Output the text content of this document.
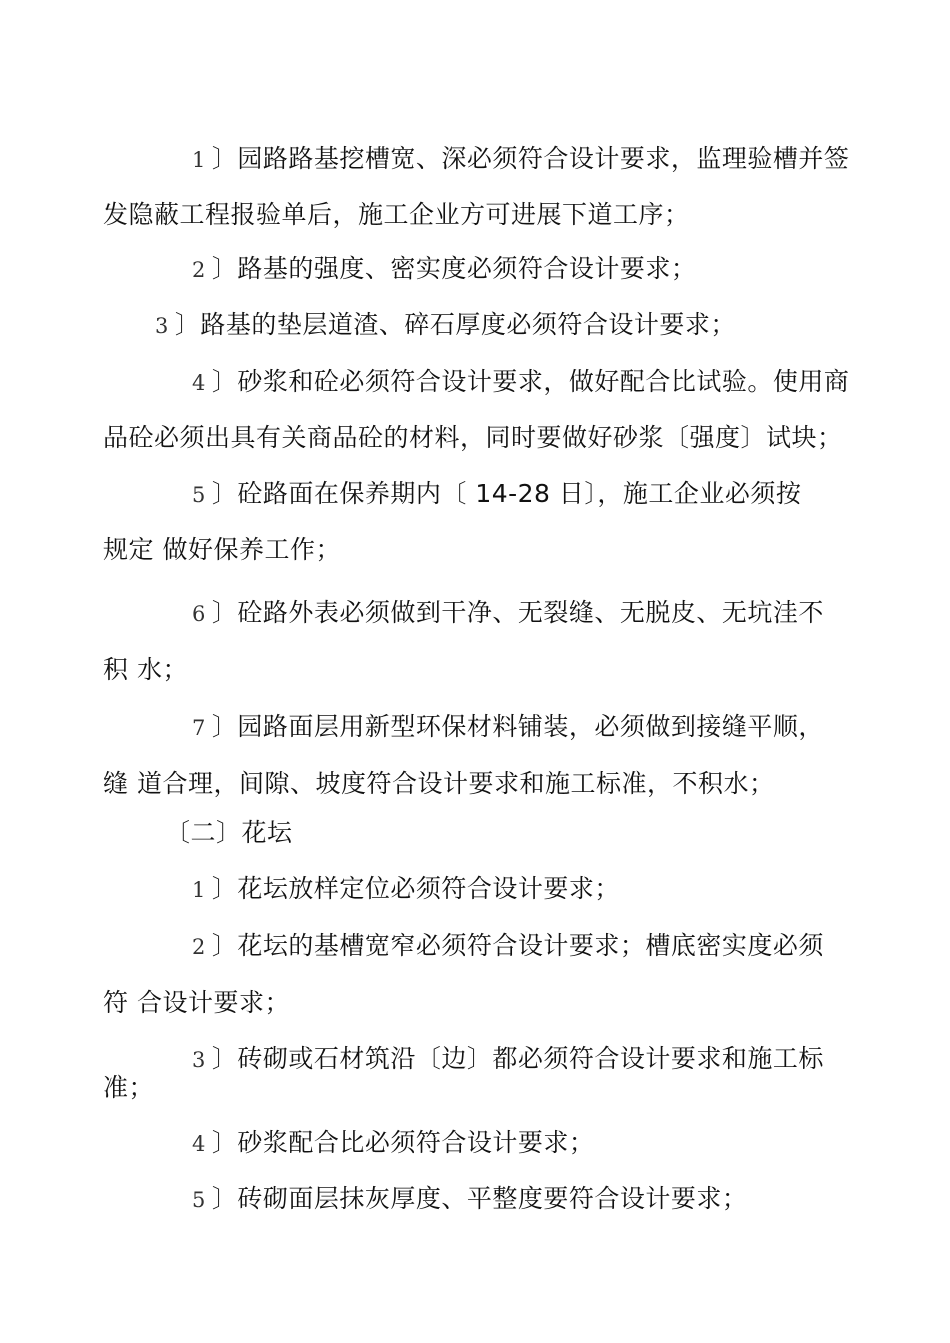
1 〕园路路基挖槽宽、深必须符合设计要求，监理验槽并签
发隐蔽工程报验单后，施工企业方可进展下道工序；
2 〕路基的强度、密实度必须符合设计要求；
3 〕路基的垫层道渣、碎石厚度必须符合设计要求；
4 〕砂浆和砼必须符合设计要求，做好配合比试验。使用商
品砼必须出具有关商品砼的材料，同时要做好砂浆〔强度〕试块；
5 〕砼路面在保养期内〔 14-28 日〕，施工企业必须按
规定 做好保养工作；
6 〕砼路外表必须做到干净、无裂缝、无脱皮、无坑洼不
积 水；
7 〕园路面层用新型环保材料铺装，必须做到接缝平顺，
缝 道合理，间隙、坡度符合设计要求和施工标准，不积水；
〔二〕花坛
1 〕花坛放样定位必须符合设计要求；
2 〕花坛的基槽宽窄必须符合设计要求；槽底密实度必须
符 合设计要求；
3 〕砖砌或石材筑沿〔边〕都必须符合设计要求和施工标
准；
4 〕砂浆配合比必须符合设计要求；
5 〕砖砌面层抹灰厚度、平整度要符合设计要求；
